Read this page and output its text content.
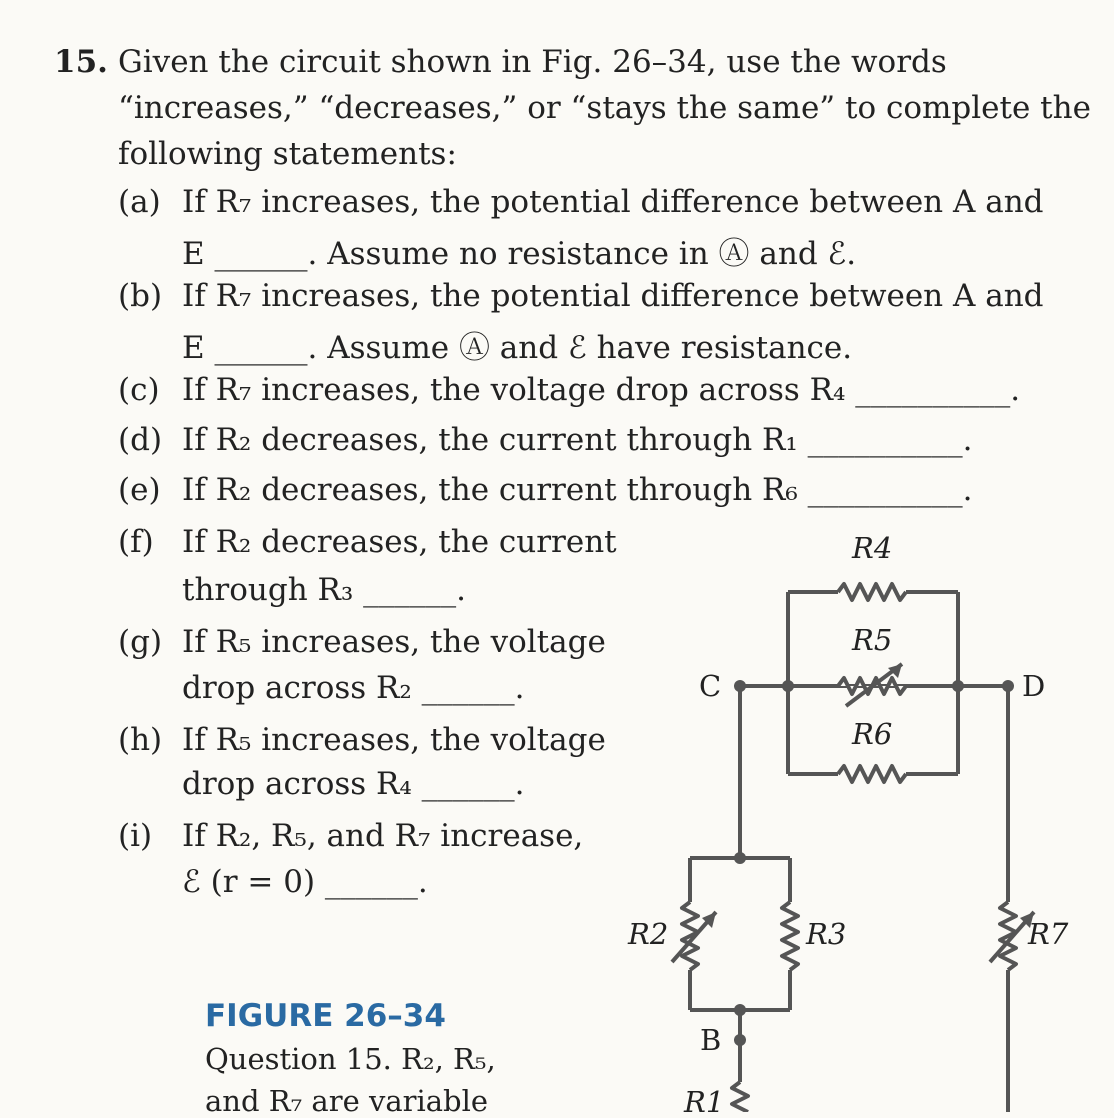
15. Given the circuit shown in Fig. 26–34, use the words
“increases,” “decreases,” or “stays the same” to complete the
following statements:
(a) If R₇ increases, the potential difference between A and
E ______. Assume no resistance in Ⓐ and ℰ.
(b) If R₇ increases, the potential difference between A and
E ______. Assume Ⓐ and ℰ have resistance.
(c) If R₇ increases, the voltage drop across R₄ __________.
(d) If R₂ decreases, the current through R₁ __________.
(e) If R₂ decreases, the current through R₆ __________.
(f) If R₂ decreases, the current
through R₃ ______.
(g) If R₅ increases, the voltage
drop across R₂ ______.
(h) If R₅ increases, the voltage
drop across R₄ ______.
(i) If R₂, R₅, and R₇ increase,
ℰ (r = 0) ______.
FIGURE 26–34
Question 15. R₂, R₅,
and R₇ are variable
C	D
B
R4
R5
R6
R2	R3	R7
R1
